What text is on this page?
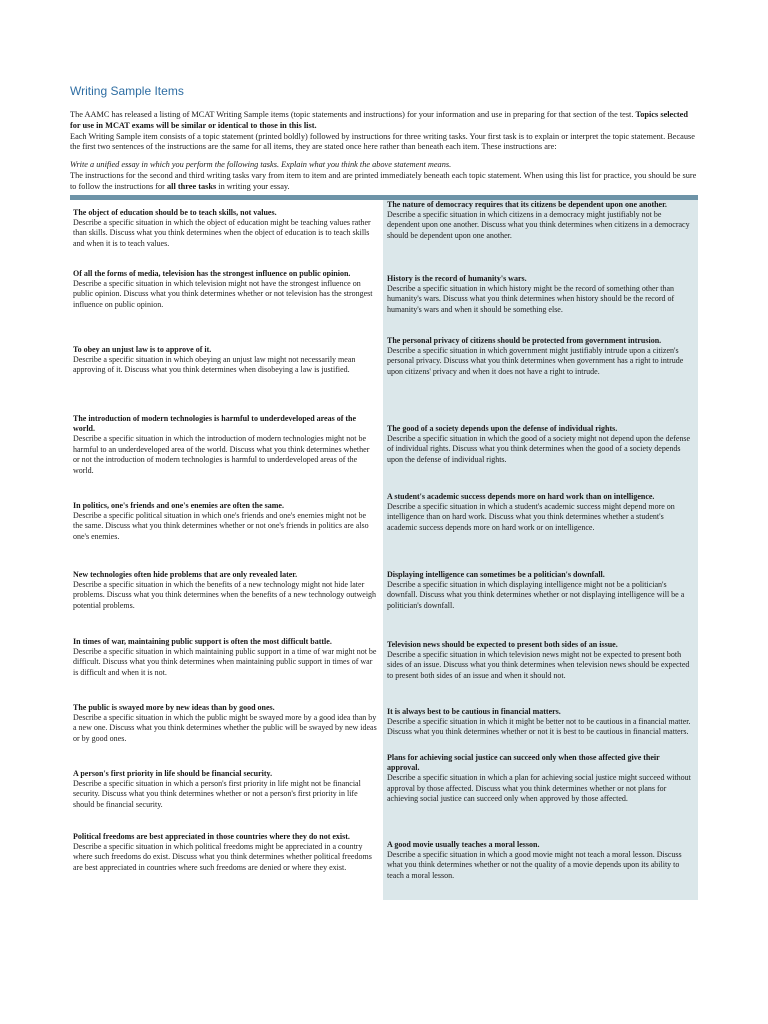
Writing Sample Items

The AAMC has released a listing of MCAT Writing Sample items (topic statements and instructions) for your information and use in preparing for that section of the test. Topics selected for use in MCAT exams will be similar or identical to those in this list.

Each Writing Sample item consists of a topic statement (printed boldly) followed by instructions for three writing tasks. Your first task is to explain or interpret the topic statement. Because the first two sentences of the instructions are the same for all items, they are stated once here rather than beneath each item. These instructions are:

Write a unified essay in which you perform the following tasks. Explain what you think the above statement means.

The instructions for the second and third writing tasks vary from item to item and are printed immediately beneath each topic statement. When using this list for practice, you should be sure to follow the instructions for all three tasks in writing your essay.

The object of education should be to teach skills, not values.
Describe a specific situation in which the object of education might be teaching values rather than skills. Discuss what you think determines when the object of education is to teach skills and when it is to teach values.
Of all the forms of media, television has the strongest influence on public opinion.
Describe a specific situation in which television might not have the strongest influence on public opinion. Discuss what you think determines whether or not television has the strongest influence on public opinion.
To obey an unjust law is to approve of it.
Describe a specific situation in which obeying an unjust law might not necessarily mean approving of it. Discuss what you think determines when disobeying a law is justified.
The introduction of modern technologies is harmful to underdeveloped areas of the world.
Describe a specific situation in which the introduction of modern technologies might not be harmful to an underdeveloped area of the world. Discuss what you think determines whether or not the introduction of modern technologies is harmful to underdeveloped areas of the world.
In politics, one's friends and one's enemies are often the same.
Describe a specific political situation in which one's friends and one's enemies might not be the same. Discuss what you think determines whether or not one's friends in politics are also one's enemies.
New technologies often hide problems that are only revealed later.
Describe a specific situation in which the benefits of a new technology might not hide later problems. Discuss what you think determines when the benefits of a new technology outweigh potential problems.
In times of war, maintaining public support is often the most difficult battle.
Describe a specific situation in which maintaining public support in a time of war might not be difficult. Discuss what you think determines when maintaining public support in times of war is difficult and when it is not.
The public is swayed more by new ideas than by good ones.
Describe a specific situation in which the public might be swayed more by a good idea than by a new one. Discuss what you think determines whether the public will be swayed by new ideas or by good ones.
A person's first priority in life should be financial security.
Describe a specific situation in which a person's first priority in life might not be financial security. Discuss what you think determines whether or not a person's first priority in life should be financial security.
Political freedoms are best appreciated in those countries where they do not exist.
Describe a specific situation in which political freedoms might be appreciated in a country where such freedoms do exist. Discuss what you think determines whether political freedoms are best appreciated in countries where such freedoms are denied or where they exist.
The nature of democracy requires that its citizens be dependent upon one another.
Describe a specific situation in which citizens in a democracy might justifiably not be dependent upon one another. Discuss what you think determines when citizens in a democracy should be dependent upon one another.
History is the record of humanity's wars.
Describe a specific situation in which history might be the record of something other than humanity's wars. Discuss what you think determines when history should be the record of humanity's wars and when it should be something else.
The personal privacy of citizens should be protected from government intrusion.
Describe a specific situation in which government might justifiably intrude upon a citizen's personal privacy. Discuss what you think determines when government has a right to intrude upon citizens' privacy and when it does not have a right to intrude.
The good of a society depends upon the defense of individual rights.
Describe a specific situation in which the good of a society might not depend upon the defense of individual rights. Discuss what you think determines when the good of a society depends upon the defense of individual rights.
A student's academic success depends more on hard work than on intelligence.
Describe a specific situation in which a student's academic success might depend more on intelligence than on hard work. Discuss what you think determines whether a student's academic success depends more on hard work or on intelligence.
Displaying intelligence can sometimes be a politician's downfall.
Describe a specific situation in which displaying intelligence might not be a politician's downfall. Discuss what you think determines whether or not displaying intelligence will be a politician's downfall.
Television news should be expected to present both sides of an issue.
Describe a specific situation in which television news might not be expected to present both sides of an issue. Discuss what you think determines when television news should be expected to present both sides of an issue and when it should not.
It is always best to be cautious in financial matters.
Describe a specific situation in which it might be better not to be cautious in a financial matter. Discuss what you think determines whether or not it is best to be cautious in financial matters.
Plans for achieving social justice can succeed only when those affected give their approval.
Describe a specific situation in which a plan for achieving social justice might succeed without approval by those affected. Discuss what you think determines whether or not plans for achieving social justice can succeed only when approved by those affected.
A good movie usually teaches a moral lesson.
Describe a specific situation in which a good movie might not teach a moral lesson. Discuss what you think determines whether or not the quality of a movie depends upon its ability to teach a moral lesson.
